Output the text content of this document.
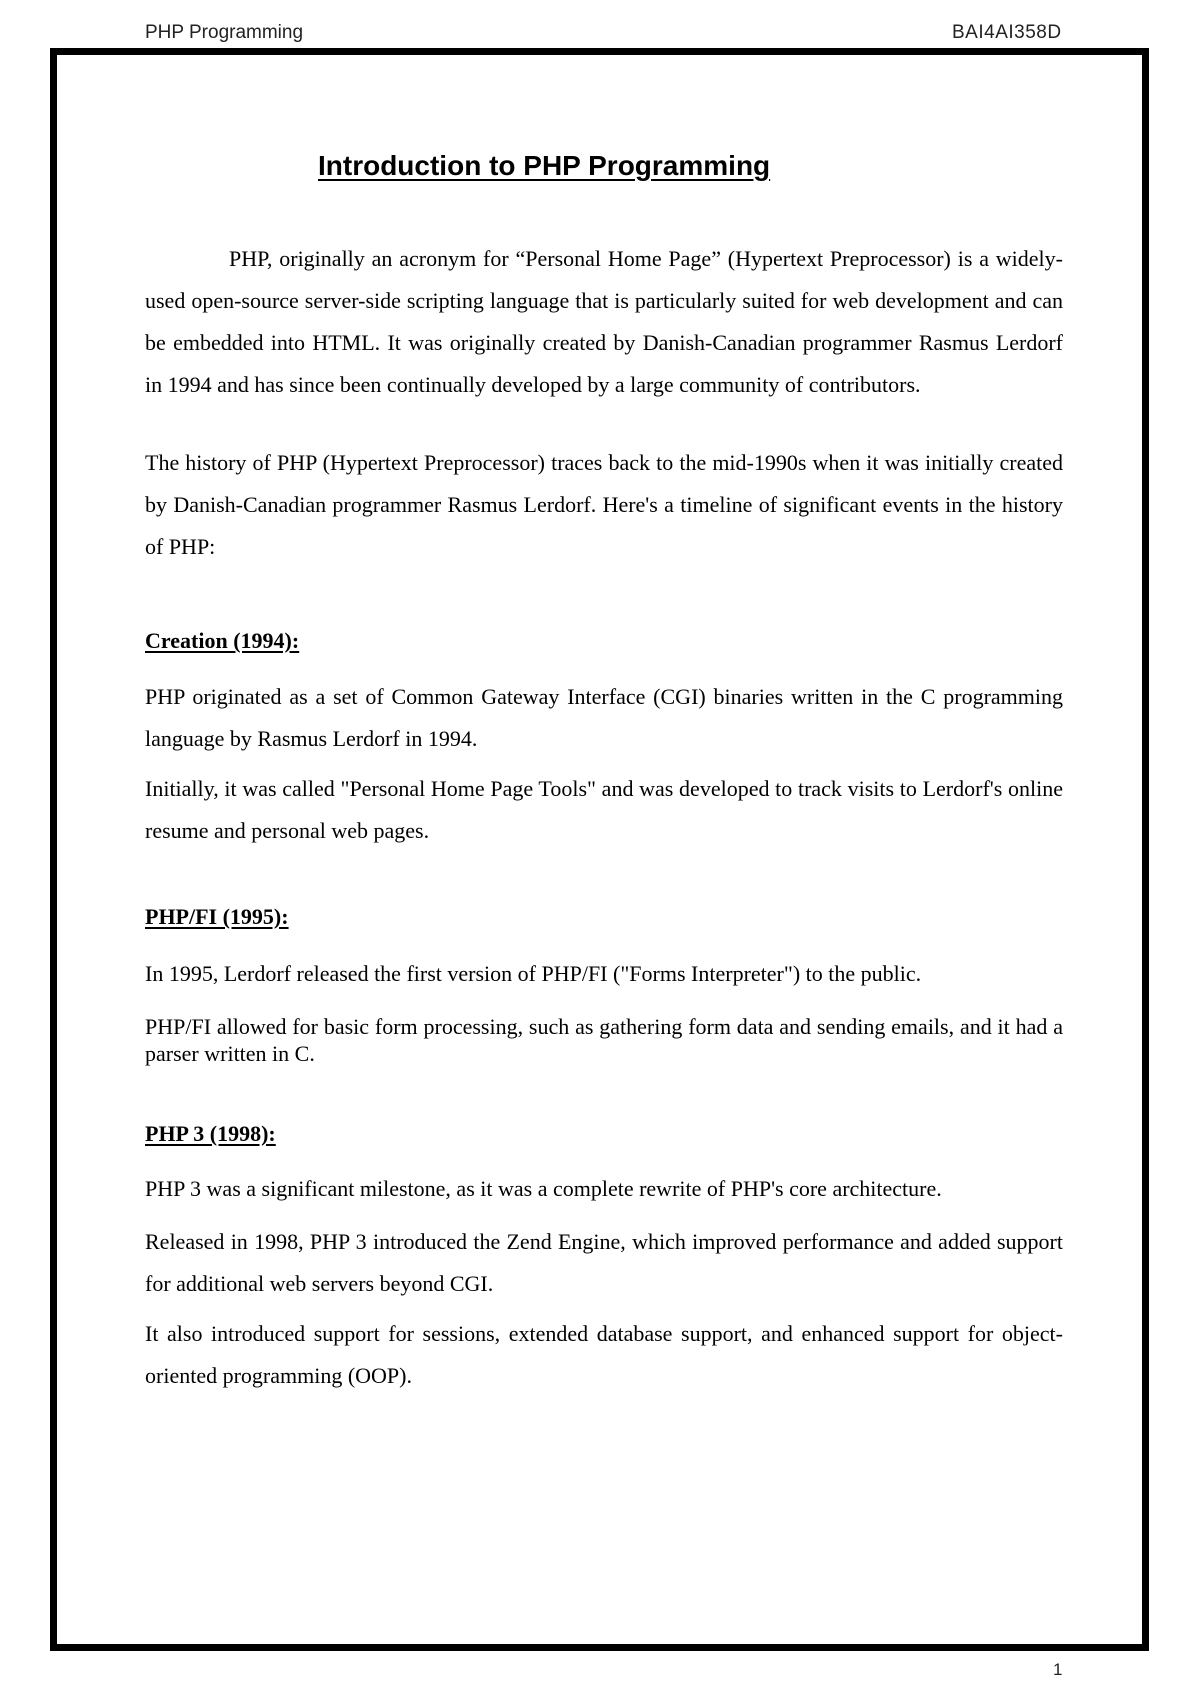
PHP Programming	BAI4AI358D
Introduction to PHP Programming

PHP, originally an acronym for “Personal Home Page” (Hypertext Preprocessor) is a widely-used open-source server-side scripting language that is particularly suited for web development and can be embedded into HTML. It was originally created by Danish-Canadian programmer Rasmus Lerdorf in 1994 and has since been continually developed by a large community of contributors.

The history of PHP (Hypertext Preprocessor) traces back to the mid-1990s when it was initially created by Danish-Canadian programmer Rasmus Lerdorf. Here's a timeline of significant events in the history of PHP:

Creation (1994):

PHP originated as a set of Common Gateway Interface (CGI) binaries written in the C programming language by Rasmus Lerdorf in 1994.

Initially, it was called "Personal Home Page Tools" and was developed to track visits to Lerdorf's online resume and personal web pages.

PHP/FI (1995):

In 1995, Lerdorf released the first version of PHP/FI ("Forms Interpreter") to the public.

PHP/FI allowed for basic form processing, such as gathering form data and sending emails, and it had a parser written in C.

PHP 3 (1998):

PHP 3 was a significant milestone, as it was a complete rewrite of PHP's core architecture.

Released in 1998, PHP 3 introduced the Zend Engine, which improved performance and added support for additional web servers beyond CGI.

It also introduced support for sessions, extended database support, and enhanced support for object-oriented programming (OOP).

1
